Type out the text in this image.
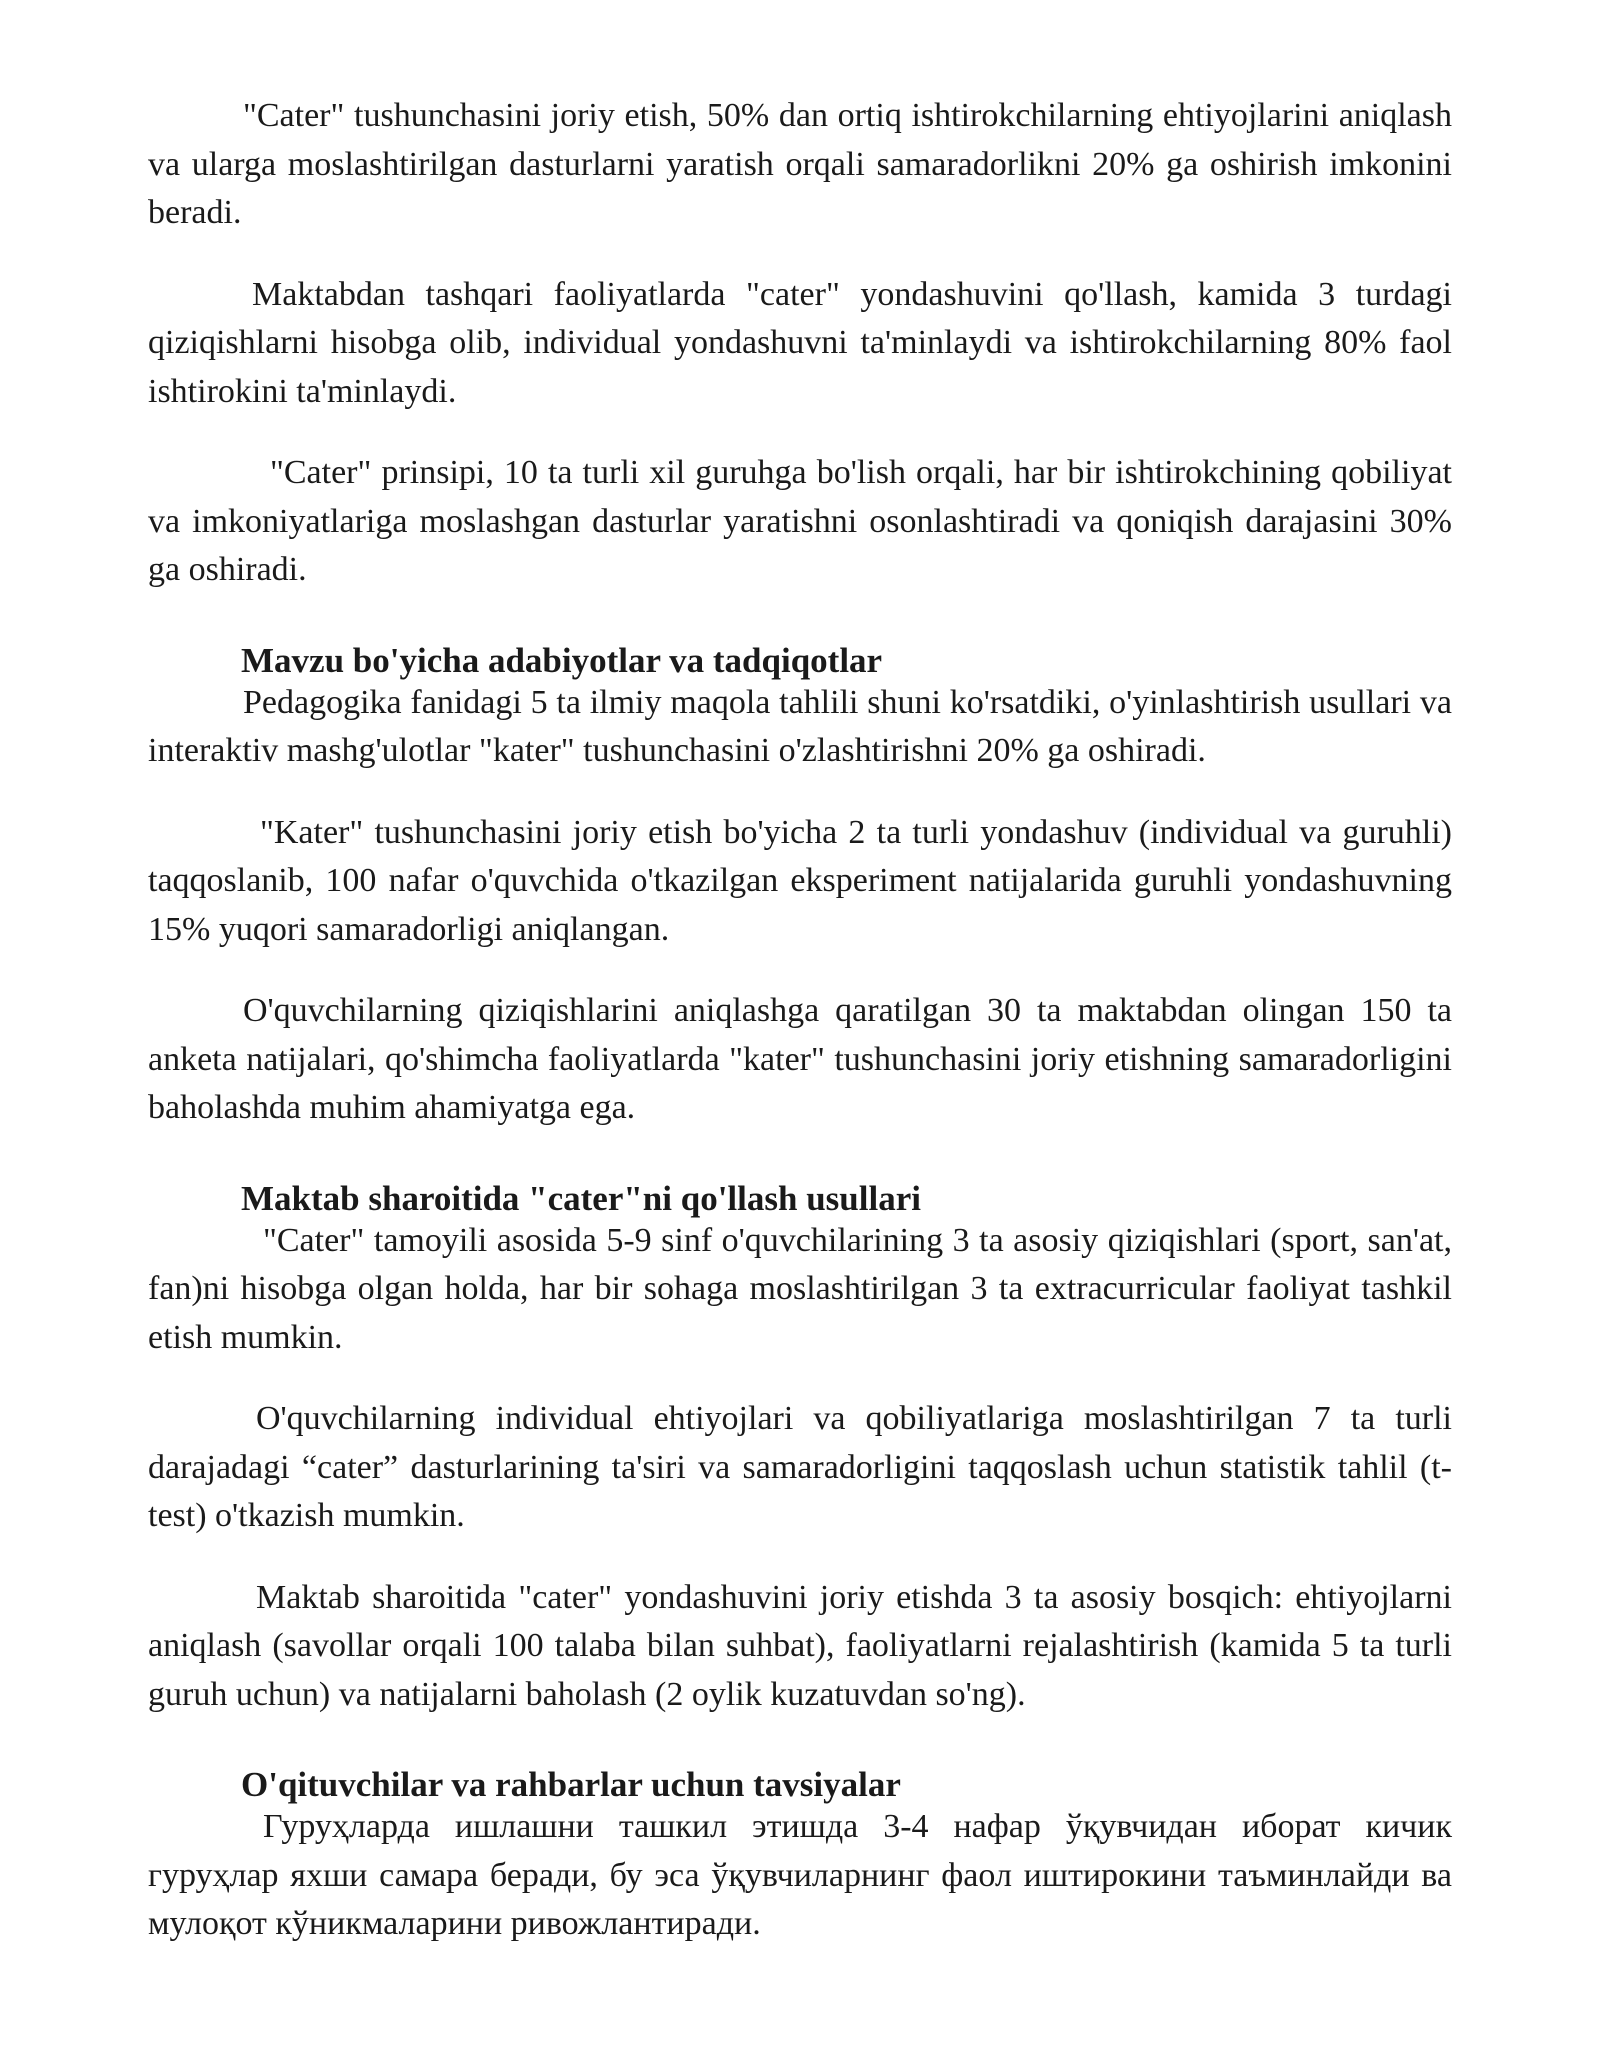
"Cater" tushunchasini joriy etish, 50% dan ortiq ishtirokchilarning ehtiyojlarini aniqlash va ularga moslashtirilgan dasturlarni yaratish orqali samaradorlikni 20% ga oshirish imkonini beradi.

Maktabdan tashqari faoliyatlarda "cater" yondashuvini qo'llash, kamida 3 turdagi qiziqishlarni hisobga olib, individual yondashuvni ta'minlaydi va ishtirokchilarning 80% faol ishtirokini ta'minlaydi.

"Cater" prinsipi, 10 ta turli xil guruhga bo'lish orqali, har bir ishtirokchining qobiliyat va imkoniyatlariga moslashgan dasturlar yaratishni osonlashtiradi va qoniqish darajasini 30% ga oshiradi.

Mavzu bo'yicha adabiyotlar va tadqiqotlar

Pedagogika fanidagi 5 ta ilmiy maqola tahlili shuni ko'rsatdiki, o'yinlashtirish usullari va interaktiv mashg'ulotlar "kater" tushunchasini o'zlashtirishni 20% ga oshiradi.

"Kater" tushunchasini joriy etish bo'yicha 2 ta turli yondashuv (individual va guruhli) taqqoslanib, 100 nafar o'quvchida o'tkazilgan eksperiment natijalarida guruhli yondashuvning 15% yuqori samaradorligi aniqlangan.

O'quvchilarning qiziqishlarini aniqlashga qaratilgan 30 ta maktabdan olingan 150 ta anketa natijalari, qo'shimcha faoliyatlarda "kater" tushunchasini joriy etishning samaradorligini baholashda muhim ahamiyatga ega.

Maktab sharoitida "cater"ni qo'llash usullari

"Cater" tamoyili asosida 5-9 sinf o'quvchilarining 3 ta asosiy qiziqishlari (sport, san'at, fan)ni hisobga olgan holda, har bir sohaga moslashtirilgan 3 ta extracurricular faoliyat tashkil etish mumkin.

O'quvchilarning individual ehtiyojlari va qobiliyatlariga moslashtirilgan 7 ta turli darajadagi “cater” dasturlarining ta'siri va samaradorligini taqqoslash uchun statistik tahlil (t-test) o'tkazish mumkin.

Maktab sharoitida "cater" yondashuvini joriy etishda 3 ta asosiy bosqich: ehtiyojlarni aniqlash (savollar orqali 100 talaba bilan suhbat), faoliyatlarni rejalashtirish (kamida 5 ta turli guruh uchun) va natijalarni baholash (2 oylik kuzatuvdan so'ng).

O'qituvchilar va rahbarlar uchun tavsiyalar

Гуруҳларда ишлашни ташкил этишда 3-4 нафар ўқувчидан иборат кичик гуруҳлар яхши самара беради, бу эса ўқувчиларнинг фаол иштирокини таъминлайди ва мулоқот кўникмаларини ривожлантиради.
